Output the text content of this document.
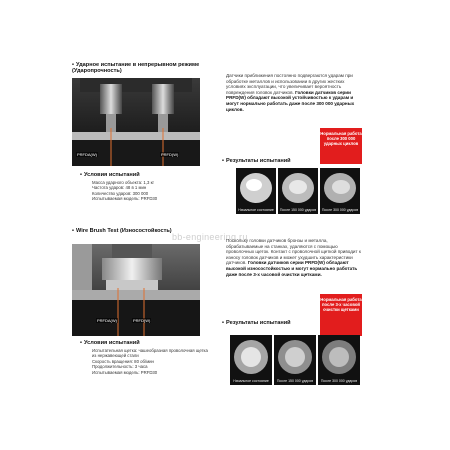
• Ударное испытание в непрерывном режиме (Ударопрочность)
PRFDA(W)	PRFD(W)
Датчики приближения постоянно подвергаются ударам при обработке металлов и использовании в других жестких условиях эксплуатации, что увеличивает вероятность повреждения головок датчиков. Головки датчиков серии PRFD(W) обладают высокой устойчивостью к ударам и могут нормально работать даже после 300 000 ударных циклов.
Нормальная работа после 300 000 ударных циклов
• Результаты испытаний
Начальное состояние	После 150 000 ударов	После 300 000 ударов
• Условия испытаний
Масса ударного объекта: 1,3 кг
Частота ударов: 48 в 1 мин
Количество ударов: 300 000
Испытываемая модель: PRFD30
bb-engineering.ru
• Wire Brush Test (Износостойкость)
PRFDA(W)	PRFD(W)
Поскольку головки датчиков бронзы и металла, обрабатываемые на станках, удаляются с помощью проволочных щеток. Контакт с проволочной щеткой приводит к износу головок датчиков и может ухудшить характеристики датчиков. Головки датчиков серии PRFD(W) обладают высокой износостойкостью и могут нормально работать даже после 3-х часовой очистки щетками.
Нормальная работа после 3-х часовой очистки щетками
• Результаты испытаний
Начальное состояние	После 150 000 ударов	После 300 000 ударов
• Условия испытаний
Испытательная щетка: чашеобразная проволочная щетка из нержавеющей стали
Скорость вращения: 80 об/мин
Продолжительность: 3 часа
Испытываемая модель: PRFD30
